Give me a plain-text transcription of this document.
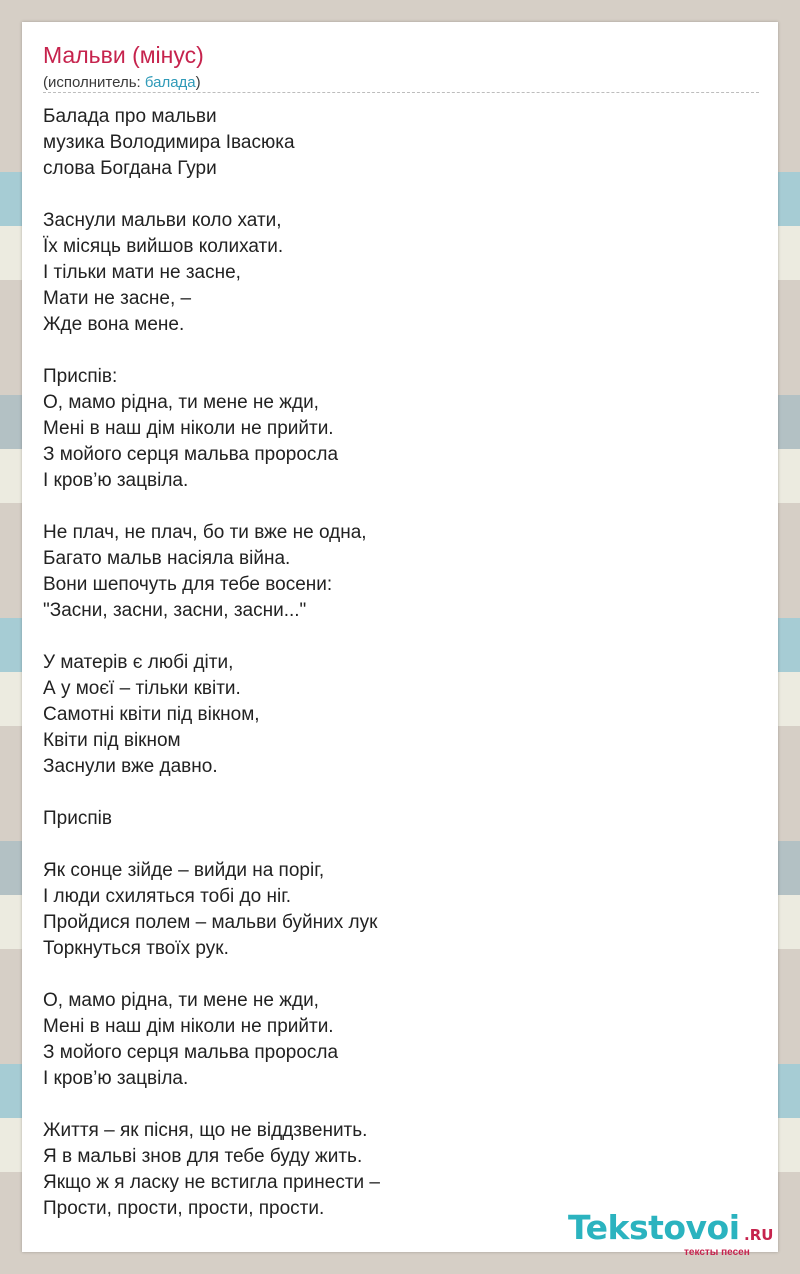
Мальви (мінус)
(исполнитель: балада)
Балада про мальви
музика Володимира Івасюка
слова Богдана Гури
Заснули мальви коло хати,
Їх місяць вийшов колихати.
І тільки мати не засне,
Мати не засне, –
Жде вона мене.
Приспів:
О, мамо рідна, ти мене не жди,
Мені в наш дім ніколи не прийти.
З мойого серця мальва проросла
І кров’ю зацвіла.
Не плач, не плач, бо ти вже не одна,
Багато мальв насіяла війна.
Вони шепочуть для тебе восени:
"Засни, засни, засни, засни..."
У матерів є любі діти,
А у моєї – тільки квіти.
Самотні квіти під вікном,
Квіти під вікном
Заснули вже давно.
Приспів
Як сонце зійде – вийди на поріг,
І люди схиляться тобі до ніг.
Пройдися полем – мальви буйних лук
Торкнуться твоїх рук.
О, мамо рідна, ти мене не жди,
Мені в наш дім ніколи не прийти.
З мойого серця мальва проросла
І кров’ю зацвіла.
Життя – як пісня, що не віддзвенить.
Я в мальві знов для тебе буду жить.
Якщо ж я ласку не встигла принести –
Прости, прости, прости, прости.	Tekstovoi .RU
тексты песен
